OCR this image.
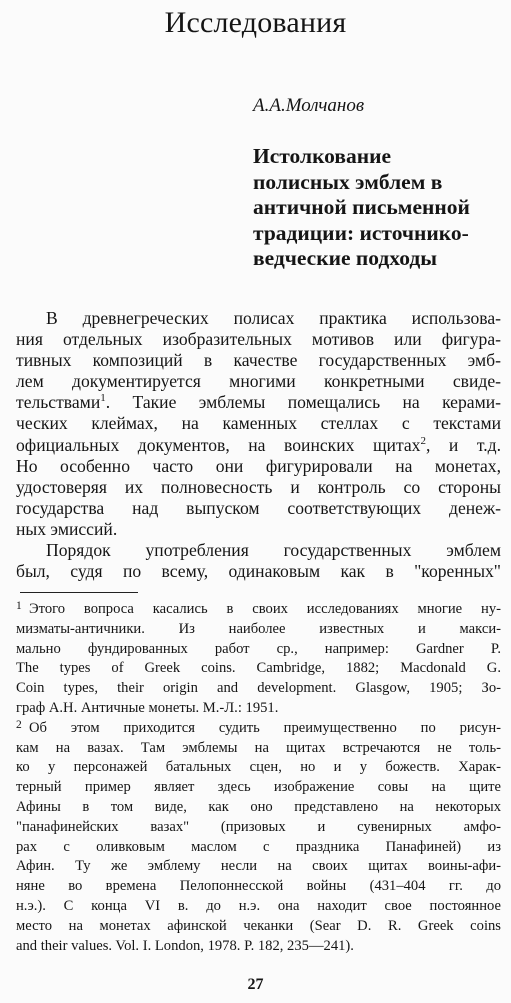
Исследования
А.А.Молчанов
Истолкование
полисных эмблем в
античной письменной
традиции: источнико-
ведческие подходы
В древнегреческих полисах практика использова-
ния отдельных изобразительных мотивов или фигура-
тивных композиций в качестве государственных эмб-
лем документируется многими конкретными свиде-
тельствами$^1$. Такие эмблемы помещались на керами-
ческих клеймах, на каменных стеллах с текстами
официальных документов, на воинских щитах$^2$, и т.д.
Но особенно часто они фигурировали на монетах,
удостоверяя их полновесность и контроль со стороны
государства над выпуском соответствующих денеж-
ных эмиссий.
Порядок употребления государственных эмблем
был, судя по всему, одинаковым как в "коренных"
1 Этого вопроса касались в своих исследованиях многие ну-
мизматы-античники. Из наиболее известных и макси-
мально фундированных работ ср., например: Gardner P.
The types of Greek coins. Cambridge, 1882; Macdonald G.
Coin types, their origin and development. Glasgow, 1905; Зо-
граф А.Н. Античные монеты. М.-Л.: 1951.
2 Об этом приходится судить преимущественно по рисун-
кам на вазах. Там эмблемы на щитах встречаются не толь-
ко у персонажей батальных сцен, но и у божеств. Харак-
терный пример являет здесь изображение совы на щите
Афины в том виде, как оно представлено на некоторых
"панафинейских вазах" (призовых и сувенирных амфо-
рах с оливковым маслом с праздника Панафиней) из
Афин. Ту же эмблему несли на своих щитах воины-афи-
няне во времена Пелопоннесской войны (431–404 гг. до
н.э.). С конца VI в. до н.э. она находит свое постоянное
место на монетах афинской чеканки (Sear D. R. Greek coins
and their values. Vol. I. London, 1978. P. 182, 235—241).
27
